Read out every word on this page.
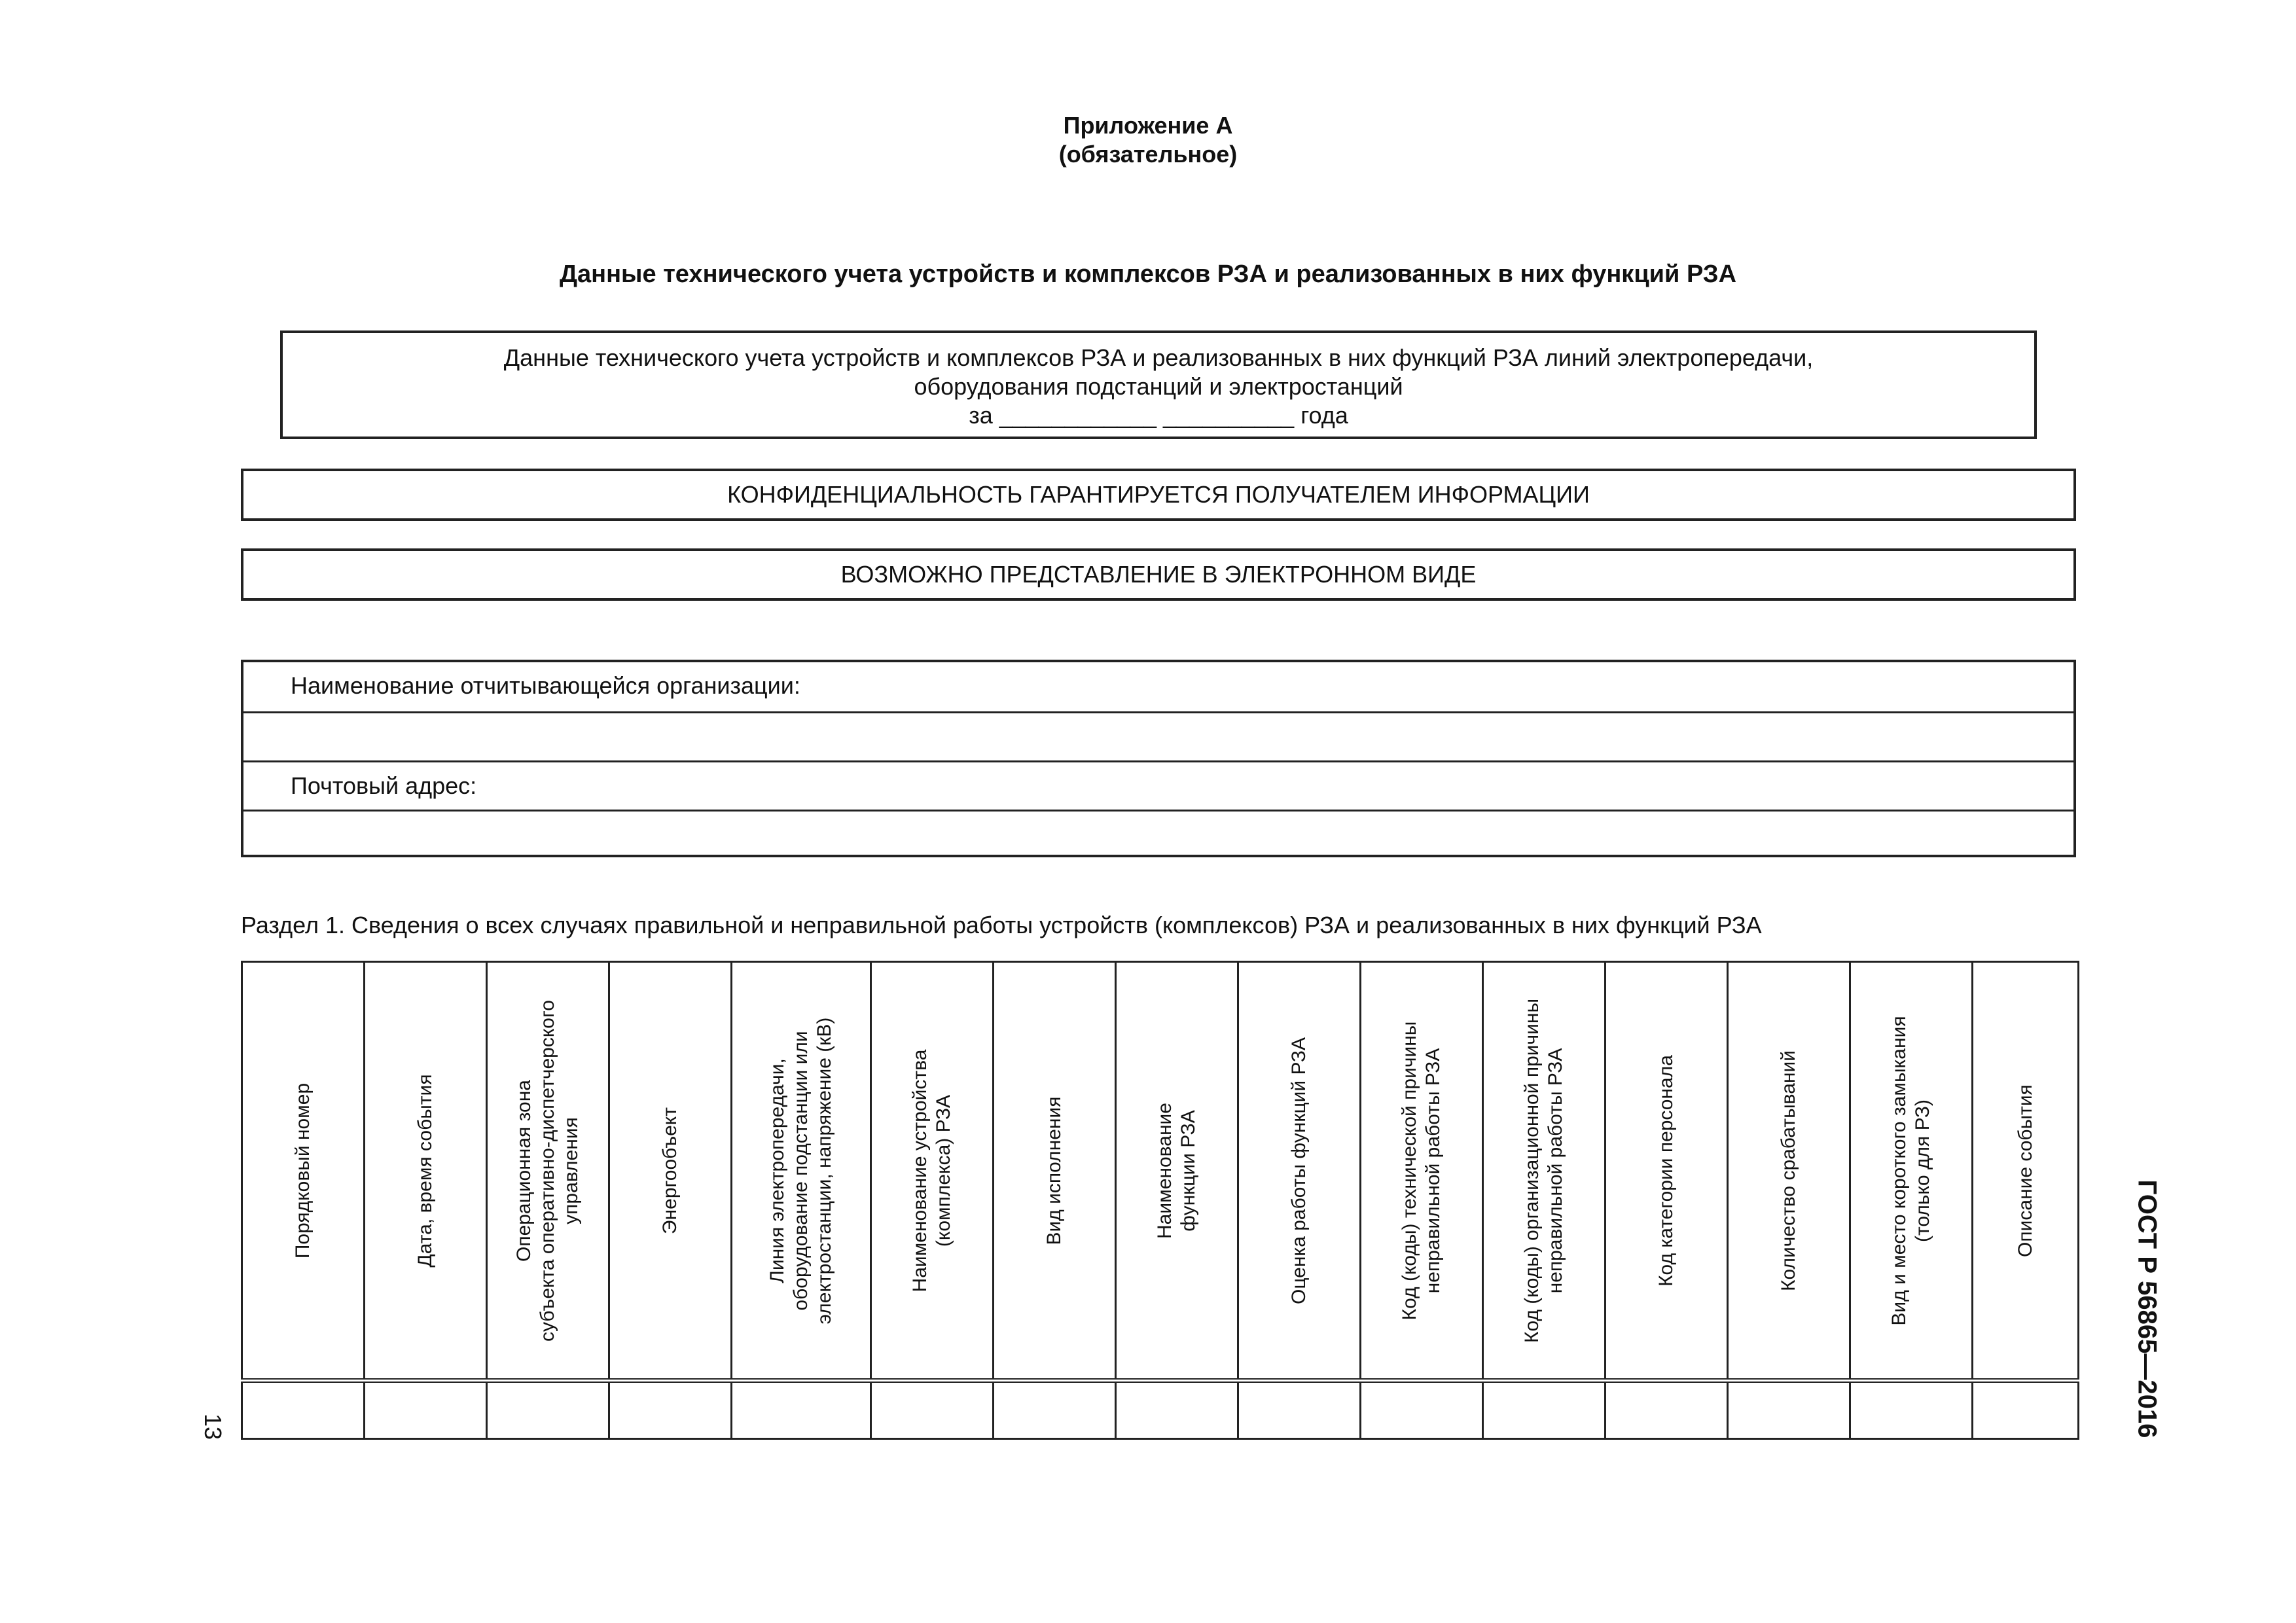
Приложение А
(обязательное)
Данные технического учета устройств и комплексов РЗА и реализованных в них функций РЗА
Данные технического учета устройств и комплексов РЗА и реализованных в них функций РЗА линий электропередачи,
оборудования подстанций и электростанций
за ____________ __________ года
КОНФИДЕНЦИАЛЬНОСТЬ ГАРАНТИРУЕТСЯ ПОЛУЧАТЕЛЕМ ИНФОРМАЦИИ
ВОЗМОЖНО ПРЕДСТАВЛЕНИЕ В ЭЛЕКТРОННОМ ВИДЕ
Наименование отчитывающейся организации:
Почтовый адрес:
Раздел 1. Сведения о всех случаях правильной и неправильной работы устройств (комплексов) РЗА и реализованных в них функций РЗА
Порядковый номер	Дата, время события	Операционная зона
субъекта оперативно-диспетчерского
управления	Энергообъект	Линия электропередачи,
оборудование подстанции или
электростанции, напряжение (кВ)	Наименование устройства
(комплекса) РЗА	Вид исполнения	Наименование
функции РЗА	Оценка работы функций РЗА	Код (коды) технической причины
неправильной работы РЗА	Код (коды) организационной причины
неправильной работы РЗА	Код категории персонала	Количество срабатываний	Вид и место короткого замыкания
(только для РЗ)	Описание события

ГОСТ Р 56865—2016
13
